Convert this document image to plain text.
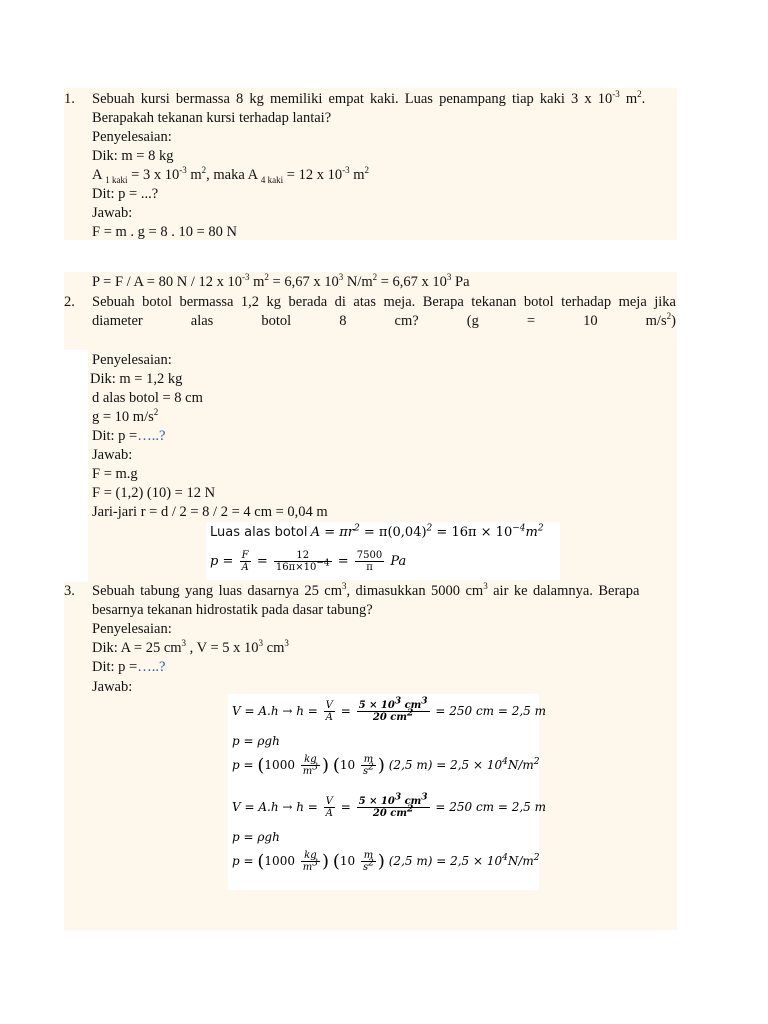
1.	Sebuah kursi bermassa 8 kg memiliki empat kaki. Luas penampang tiap kaki 3 x $10^{-3}$ $m^2$.
Berapakah tekanan kursi terhadap lantai?
Penyelesaian:
Dik: m = 8 kg
A $_{1 kaki}$ = 3 x $10^{-3}$ $m^2$, maka A $_{4 kaki}$ = 12 x $10^{-3}$ $m^2$
Dit: p = ...?
Jawab:
F = m . g = 8 . 10 = 80 N
P = F / A = 80 N / 12 x $10^{-3}$ $m^2 = 6,67$ x $10^3$ $N/m^2 = 6,67$ x $10^3$ Pa
2.	Sebuah botol bermassa 1,2 kg berada di atas meja. Berapa tekanan botol terhadap meja jika
diameter	alas	botol	8	cm?	(g	=	10	$m/s^2$)
Penyelesaian:
Dik: m = 1,2 kg
d alas botol = 8 cm
g = 10 $m/s^2$
Dit: p =…..?
Jawab:
F = m.g
F = (1,2) (10) = 12 N
Jari-jari r = d / 2 = 8 / 2 = 4 cm = 0,04 m
Luas alas botol $A = \pi r^2 = \pi(0,04)^2 = 16\pi \times 10^{-4}m^2$
$p = \frac{F}{A} = \frac{12}{16\pi\times 10^{-4}} = \frac{7500}{\pi}$ Pa
3.	Sebuah tabung yang luas dasarnya 25 $cm^3$, dimasukkan 5000 $cm^3$ air ke dalamnya. Berapa
besarnya tekanan hidrostatik pada dasar tabung?
Penyelesaian:
Dik: A = 25 $cm^3$ , V = 5 x $10^3$ $cm^3$
Dit: p =…..?
Jawab:
$V = A.h \to h = \frac{V}{A} = \frac{5 \times 10^3 cm^3}{20 cm^2} = 250$ cm = 2,5 m
p = ρgh
$p = (1000 \frac{kg}{m^3}$ ) ($10 \frac{m}{s^2}$ ) (2,5 $m) = 2,5 \times 10^4N/m^2$
$V = A.h \to h = \frac{V}{A} = \frac{5 \times 10^3 cm^3}{20 cm^2} = 250$ cm = 2,5 m
p = ρgh
$p = (1000 \frac{kg}{m^3}$ ) ($10 \frac{m}{s^2}$ ) (2,5 $m) = 2,5 \times 10^4N/m^2$
